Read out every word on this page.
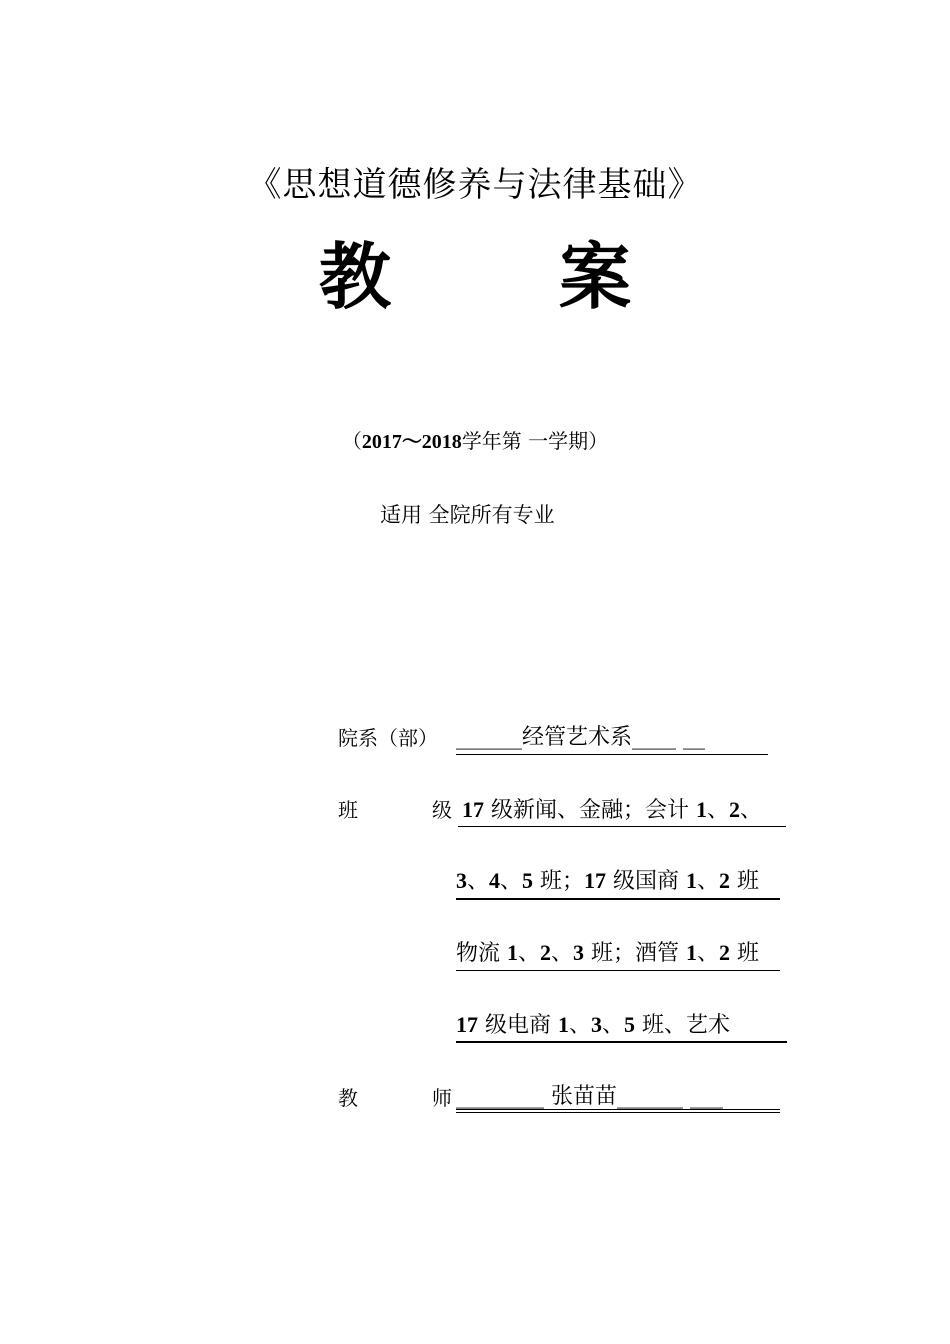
《思想道德修养与法律基础》
教 案
（2017～2018学年第 一学期）
适用 全院所有专业
院系（部） ______经管艺术系____ __
班	级 17 级新闻、金融；会计 1、2、
3、4、5 班；17 级国商 1、2 班
物流 1、2、3 班；酒管 1、2 班
17 级电商 1、3、5 班、艺术
教	师 ________ 张苗苗______ ___
